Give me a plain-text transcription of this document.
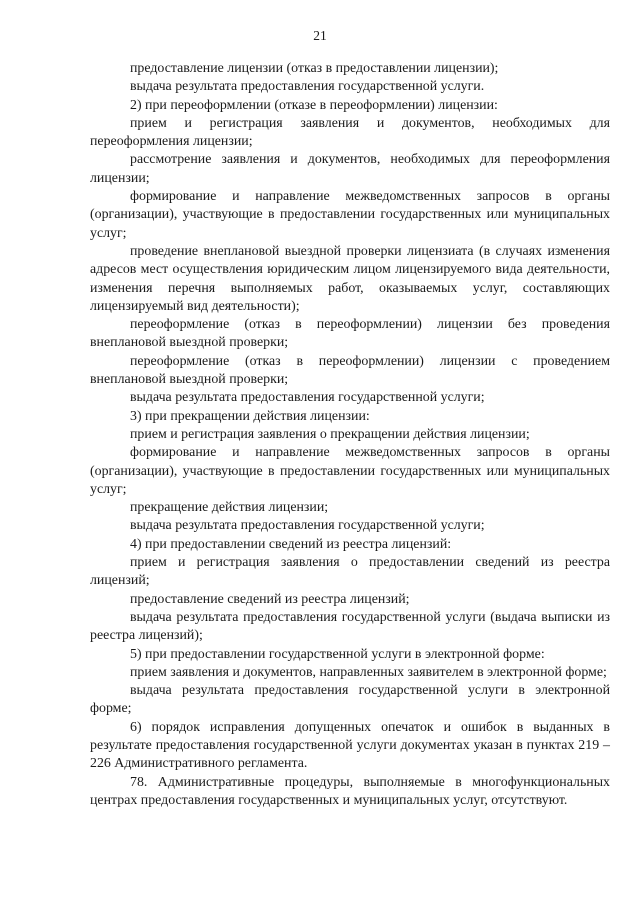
21

предоставление лицензии (отказ в предоставлении лицензии);

выдача результата предоставления государственной услуги.

2) при переоформлении (отказе в переоформлении) лицензии:

прием и регистрация заявления и документов, необходимых для переоформления лицензии;

рассмотрение заявления и документов, необходимых для переоформления лицензии;

формирование и направление межведомственных запросов в органы (организации), участвующие в предоставлении государственных или муниципальных услуг;

проведение внеплановой выездной проверки лицензиата (в случаях изменения адресов мест осуществления юридическим лицом лицензируемого вида деятельности, изменения перечня выполняемых работ, оказываемых услуг, составляющих лицензируемый вид деятельности);

переоформление (отказ в переоформлении) лицензии без проведения внеплановой выездной проверки;

переоформление (отказ в переоформлении) лицензии с проведением внеплановой выездной проверки;

выдача результата предоставления государственной услуги;

3) при прекращении действия лицензии:

прием и регистрация заявления о прекращении действия лицензии;

формирование и направление межведомственных запросов в органы (организации), участвующие в предоставлении государственных или муниципальных услуг;

прекращение действия лицензии;

выдача результата предоставления государственной услуги;

4) при предоставлении сведений из реестра лицензий:

прием и регистрация заявления о предоставлении сведений из реестра лицензий;

предоставление сведений из реестра лицензий;

выдача результата предоставления государственной услуги (выдача выписки из реестра лицензий);

5) при предоставлении государственной услуги в электронной форме:

прием заявления и документов, направленных заявителем в электронной форме;

выдача результата предоставления государственной услуги в электронной форме;

6) порядок исправления допущенных опечаток и ошибок в выданных в результате предоставления государственной услуги документах указан в пунктах 219 – 226 Административного регламента.

78. Административные процедуры, выполняемые в многофункциональных центрах предоставления государственных и муниципальных услуг, отсутствуют.
